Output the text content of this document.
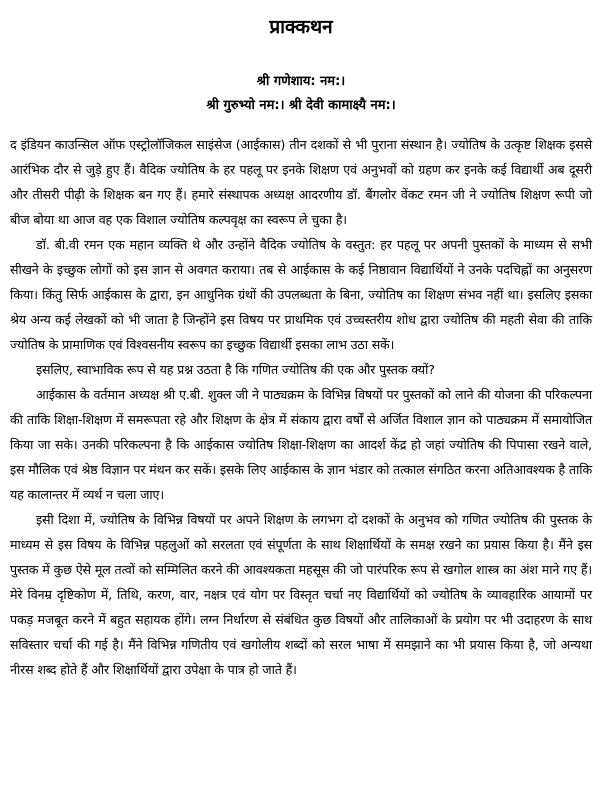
प्राक्कथन
श्री गणेशाय: नम:।
श्री गुरुभ्यो नम:। श्री देवी कामाक्ष्यै नम:।

द इंडियन काउन्सिल ऑफ एस्ट्रोलॉजिकल साइंसेज (आईकास) तीन दशकों से भी पुराना संस्थान है। ज्योतिष के उत्कृष्ट शिक्षक इससे आरंभिक दौर से जुड़े हुए हैं। वैदिक ज्योतिष के हर पहलू पर इनके शिक्षण एवं अनुभवों को ग्रहण कर इनके कई विद्यार्थी अब दूसरी और तीसरी पीढ़ी के शिक्षक बन गए हैं। हमारे संस्थापक अध्यक्ष आदरणीय डॉ. बैंगलोर वेंकट रमन जी ने ज्योतिष शिक्षण रूपी जो बीज बोया था आज वह एक विशाल ज्योतिष कल्पवृक्ष का स्वरूप ले चुका है।

डॉ. बी.वी रमन एक महान व्यक्ति थे और उन्होंने वैदिक ज्योतिष के वस्तुत: हर पहलू पर अपनी पुस्तकों के माध्यम से सभी सीखने के इच्छुक लोगों को इस ज्ञान से अवगत कराया। तब से आईकास के कई निष्ठावान विद्यार्थियों ने उनके पदचिह्नों का अनुसरण किया। किंतु सिर्फ आईकास के द्वारा, इन आधुनिक ग्रंथों की उपलब्धता के बिना, ज्योतिष का शिक्षण संभव नहीं था। इसलिए इसका श्रेय अन्य कई लेखकों को भी जाता है जिन्होंने इस विषय पर प्राथमिक एवं उच्चस्तरीय शोध द्वारा ज्योतिष की महती सेवा की ताकि ज्योतिष के प्रामाणिक एवं विश्वसनीय स्वरूप का इच्छुक विद्यार्थी इसका लाभ उठा सकें।

इसलिए, स्वाभाविक रूप से यह प्रश्न उठता है कि गणित ज्योतिष की एक और पुस्तक क्यों?

आईकास के वर्तमान अध्यक्ष श्री ए.बी. शुक्ल जी ने पाठ्यक्रम के विभिन्न विषयों पर पुस्तकों को लाने की योजना की परिकल्पना की ताकि शिक्षा-शिक्षण में समरूपता रहे और शिक्षण के क्षेत्र में संकाय द्वारा वर्षों से अर्जित विशाल ज्ञान को पाठ्यक्रम में समायोजित किया जा सके। उनकी परिकल्पना है कि आईकास ज्योतिष शिक्षा-शिक्षण का आदर्श केंद्र हो जहां ज्योतिष की पिपासा रखने वाले, इस मौलिक एवं श्रेष्ठ विज्ञान पर मंथन कर सकें। इसके लिए आईकास के ज्ञान भंडार को तत्काल संगठित करना अतिआवश्यक है ताकि यह कालान्तर में व्यर्थ न चला जाए।

इसी दिशा में, ज्योतिष के विभिन्न विषयों पर अपने शिक्षण के लगभग दो दशकों के अनुभव को गणित ज्योतिष की पुस्तक के माध्यम से इस विषय के विभिन्न पहलुओं को सरलता एवं संपूर्णता के साथ शिक्षार्थियों के समक्ष रखने का प्रयास किया है। मैंने इस पुस्तक में कुछ ऐसे मूल तत्वों को सम्मिलित करने की आवश्यकता महसूस की जो पारंपरिक रूप से खगोल शास्त्र का अंश माने गए हैं। मेरे विनम्र दृष्टिकोण में, तिथि, करण, वार, नक्षत्र एवं योग पर विस्तृत चर्चा नए विद्यार्थियों को ज्योतिष के व्यावहारिक आयामों पर पकड़ मजबूत करने में बहुत सहायक होंगे। लग्न निर्धारण से संबंधित कुछ विषयों और तालिकाओं के प्रयोग पर भी उदाहरण के साथ सविस्तार चर्चा की गई है। मैंने विभिन्न गणितीय एवं खगोलीय शब्दों को सरल भाषा में समझाने का भी प्रयास किया है, जो अन्यथा नीरस शब्द होते हैं और शिक्षार्थियों द्वारा उपेक्षा के पात्र हो जाते हैं।
